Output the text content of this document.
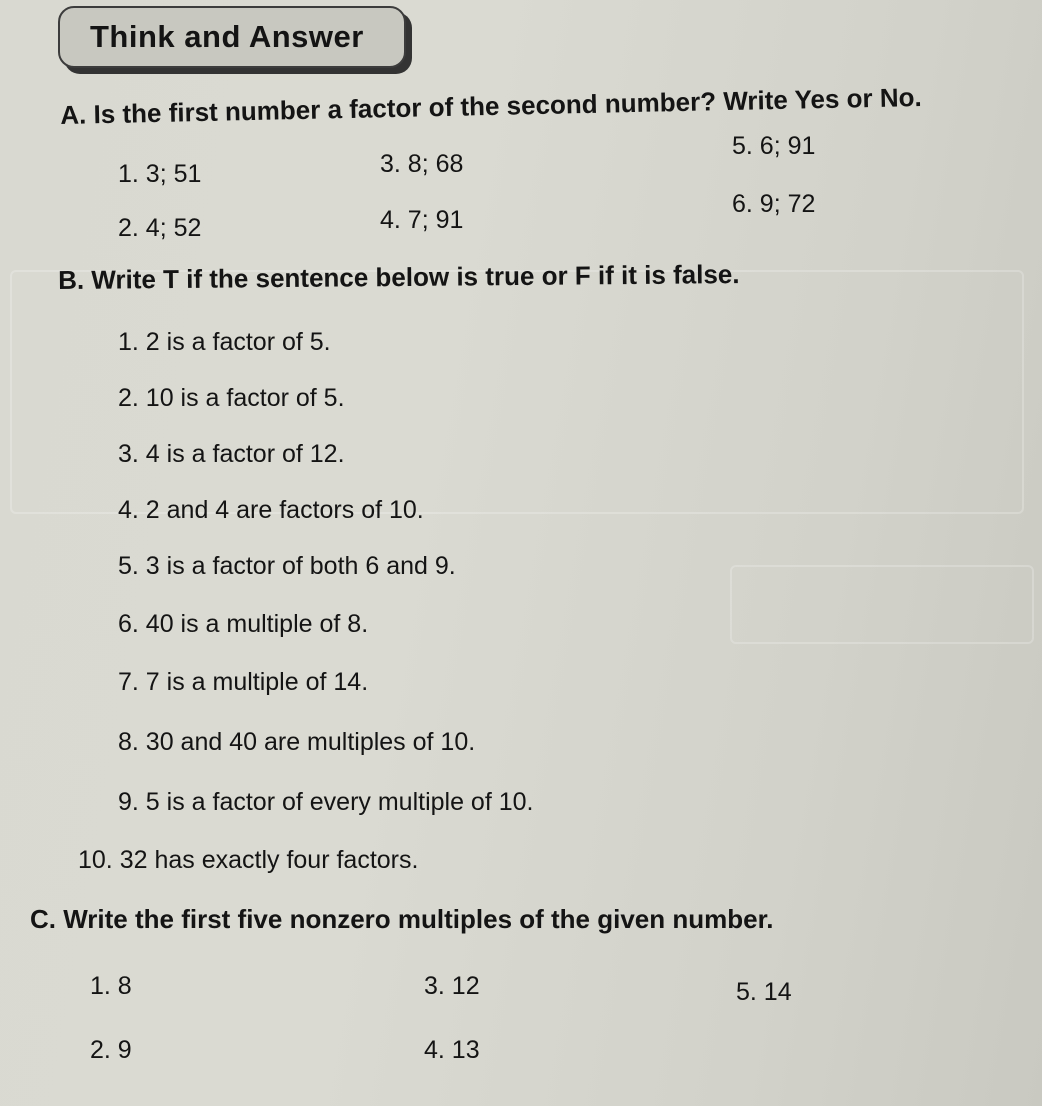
Think and Answer
A. Is the first number a factor of the second number? Write Yes or No.
1. 3; 51
2. 4; 52
3. 8; 68
4. 7; 91
5. 6; 91
6. 9; 72
B. Write T if the sentence below is true or F if it is false.
1. 2 is a factor of 5.
2. 10 is a factor of 5.
3. 4 is a factor of 12.
4. 2 and 4 are factors of 10.
5. 3 is a factor of both 6 and 9.
6. 40 is a multiple of 8.
7. 7 is a multiple of 14.
8. 30 and 40 are multiples of 10.
9. 5 is a factor of every multiple of 10.
10. 32 has exactly four factors.
C. Write the first five nonzero multiples of the given number.
1. 8
2. 9
3. 12
4. 13
5. 14
